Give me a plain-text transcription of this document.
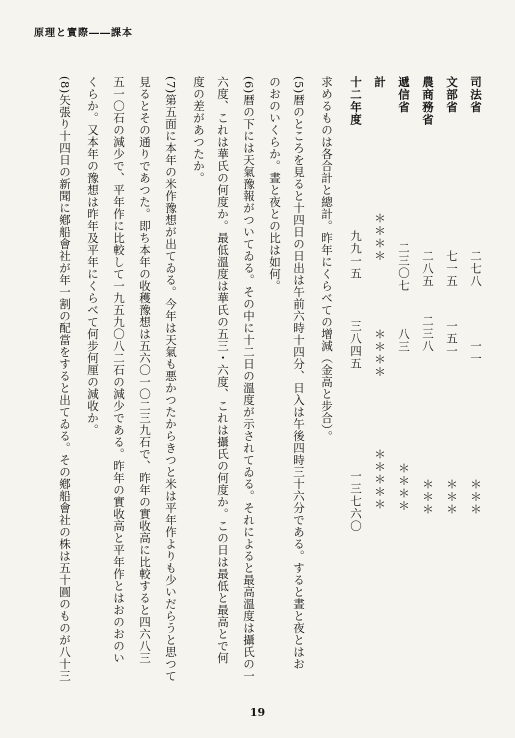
原理と實際――課本
司法省
文部省
農商務省
遞信省
計
十二年度
二七八
七一五
二八五
二三〇七
＊＊＊＊
九九一五
一一
一五一
二三八
八三
＊＊＊＊
三八四五
＊＊＊
＊＊＊
＊＊＊
＊＊＊＊
＊＊＊＊＊
一三七六〇
求めるものは各合計と總計。昨年にくらべての增減（金高と步合）。
(5)暦のところを見ると十四日の日出は午前六時十四分、日入は午後四時三十六分である。すると晝と夜とはお
のおのいくらか。晝と夜との比は如何。
(6)暦の下には天氣豫報がついてゐる。その中に十二日の溫度が示されてゐる。それによると最高溫度は攝氏の一
六度、これは華氏の何度か。最低溫度は華氏の五三・六度、これは攝氏の何度か。この日は最低と最高とで何
度の差があつたか。
(7)第五面に本年の米作豫想が出てゐる。今年は天氣も悪かつたからきつと米は平年作よりも少いだらうと思つて
見るとその通りであつた。即ち本年の收穫豫想は五六〇一〇二三九石で、昨年の實收高に比較すると四六八三
五一〇石の減少で、平年作に比較して一九五九〇八二石の減少である。昨年の實收高と平年作とはおのおのい
くらか。又本年の豫想は昨年及平年にくらべて何步何厘の減收か。
(8)矢張り十四日の新聞に鄕船會社が年一割の配當をすると出てゐる。その鄕船會社の株は五十圓のものが八十三
19
